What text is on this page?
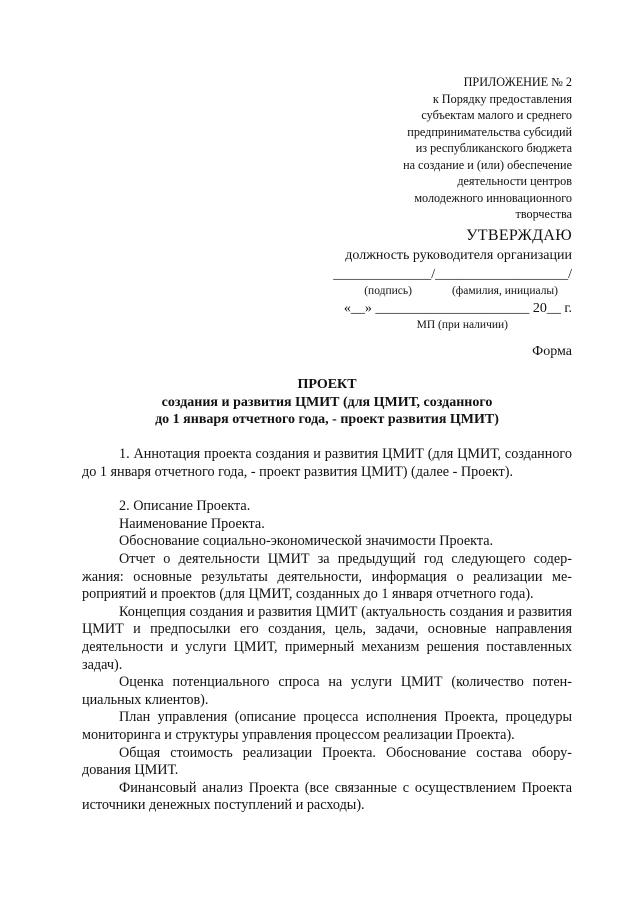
ПРИЛОЖЕНИЕ № 2
к Порядку предоставления
субъектам малого и среднего
предпринимательства субсидий
из республиканского бюджета
на создание и (или) обеспечение
деятельности центров
молодежного инновационного
творчества
УТВЕРЖДАЮ
должность руководителя организации
______________/___________________/
(подпись)	(фамилия, инициалы)
«__» ______________________ 20__ г.
МП (при наличии)
Форма
ПРОЕКТ
создания и развития ЦМИТ (для ЦМИТ, созданного
до 1 января отчетного года, - проект развития ЦМИТ)

1. Аннотация проекта создания и развития ЦМИТ (для ЦМИТ, созданного до 1 января отчетного года, - проект развития ЦМИТ) (далее - Проект).

2. Описание Проекта.

Наименование Проекта.

Обоснование социально-экономической значимости Проекта.

Отчет о деятельности ЦМИТ за предыдущий год следующего содержания: основные результаты деятельности, информация о реализации мероприятий и проектов (для ЦМИТ, созданных до 1 января отчетного года).

Концепция создания и развития ЦМИТ (актуальность создания и развития ЦМИТ и предпосылки его создания, цель, задачи, основные направления деятельности и услуги ЦМИТ, примерный механизм решения поставленных задач).

Оценка потенциального спроса на услуги ЦМИТ (количество потенциальных клиентов).

План управления (описание процесса исполнения Проекта, процедуры мониторинга и структуры управления процессом реализации Проекта).

Общая стоимость реализации Проекта. Обоснование состава оборудования ЦМИТ.

Финансовый анализ Проекта (все связанные с осуществлением Проекта источники денежных поступлений и расходы).
